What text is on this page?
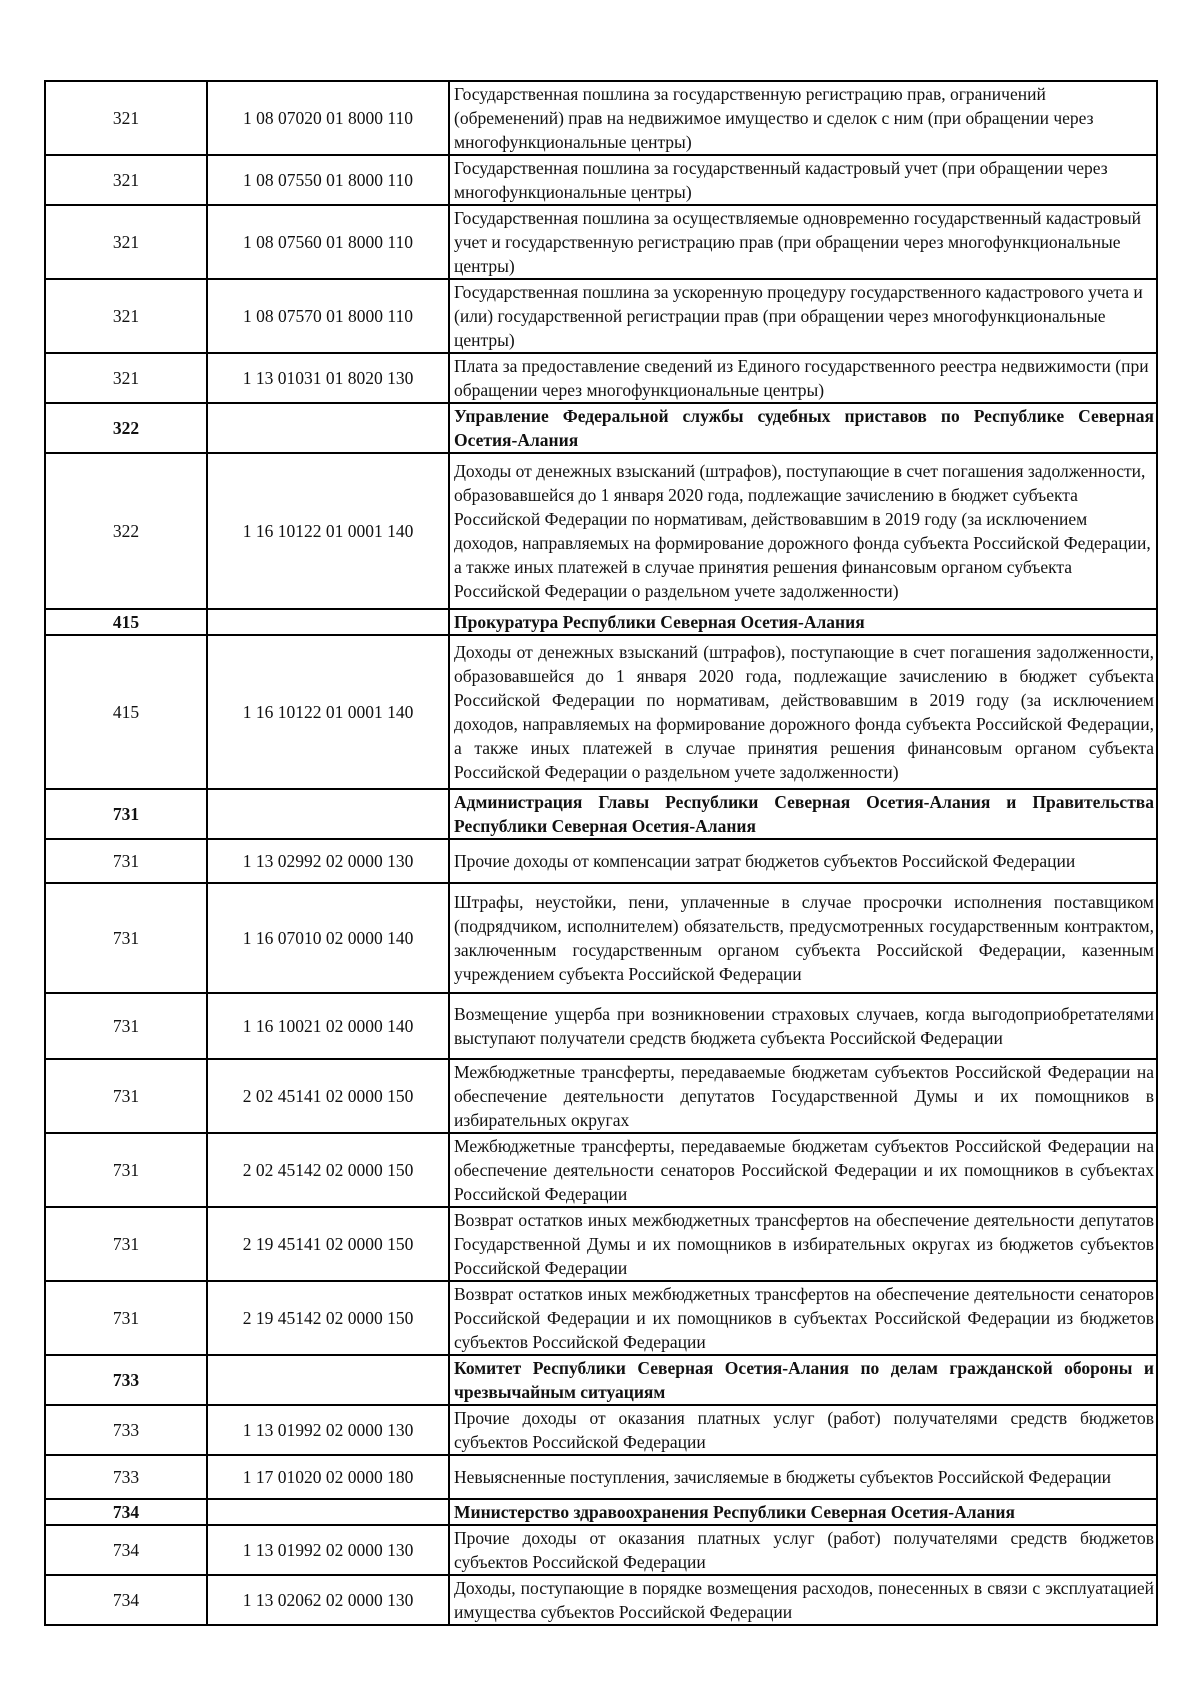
321	1 08 07020 01 8000 110	Государственная пошлина за государственную регистрацию прав, ограничений (обременений) прав на недвижимое имущество и сделок с ним (при обращении через многофункциональные центры)
321	1 08 07550 01 8000 110	Государственная пошлина за государственный кадастровый учет (при обращении через многофункциональные центры)
321	1 08 07560 01 8000 110	Государственная пошлина за осуществляемые одновременно государственный кадастровый учет и государственную регистрацию прав (при обращении через многофункциональные центры)
321	1 08 07570 01 8000 110	Государственная пошлина за ускоренную процедуру государственного кадастрового учета и (или) государственной регистрации прав (при обращении через многофункциональные центры)
321	1 13 01031 01 8020 130	Плата за предоставление сведений из Единого государственного реестра недвижимости (при обращении через многофункциональные центры)
322		Управление Федеральной службы судебных приставов по Республике Северная Осетия-Алания
322	1 16 10122 01 0001 140	Доходы от денежных взысканий (штрафов), поступающие в счет погашения задолженности, образовавшейся до 1 января 2020 года, подлежащие зачислению в бюджет субъекта Российской Федерации по нормативам, действовавшим в 2019 году (за исключением доходов, направляемых на формирование дорожного фонда субъекта Российской Федерации, а также иных платежей в случае принятия решения финансовым органом субъекта Российской Федерации о раздельном учете задолженности)
415		Прокуратура Республики Северная Осетия-Алания
415	1 16 10122 01 0001 140	Доходы от денежных взысканий (штрафов), поступающие в счет погашения задолженности, образовавшейся до 1 января 2020 года, подлежащие зачислению в бюджет субъекта Российской Федерации по нормативам, действовавшим в 2019 году (за исключением доходов, направляемых на формирование дорожного фонда субъекта Российской Федерации, а также иных платежей в случае принятия решения финансовым органом субъекта Российской Федерации о раздельном учете задолженности)
731		Администрация Главы Республики Северная Осетия-Алания и Правительства Республики Северная Осетия-Алания
731	1 13 02992 02 0000 130	Прочие доходы от компенсации затрат бюджетов субъектов Российской Федерации
731	1 16 07010 02 0000 140	Штрафы, неустойки, пени, уплаченные в случае просрочки исполнения поставщиком (подрядчиком, исполнителем) обязательств, предусмотренных государственным контрактом, заключенным государственным органом субъекта Российской Федерации, казенным учреждением субъекта Российской Федерации
731	1 16 10021 02 0000 140	Возмещение ущерба при возникновении страховых случаев, когда выгодоприобретателями выступают получатели средств бюджета субъекта Российской Федерации
731	2 02 45141 02 0000 150	Межбюджетные трансферты, передаваемые бюджетам субъектов Российской Федерации на обеспечение деятельности депутатов Государственной Думы и их помощников в избирательных округах
731	2 02 45142 02 0000 150	Межбюджетные трансферты, передаваемые бюджетам субъектов Российской Федерации на обеспечение деятельности сенаторов Российской Федерации и их помощников в субъектах Российской Федерации
731	2 19 45141 02 0000 150	Возврат остатков иных межбюджетных трансфертов на обеспечение деятельности депутатов Государственной Думы и их помощников в избирательных округах из бюджетов субъектов Российской Федерации
731	2 19 45142 02 0000 150	Возврат остатков иных межбюджетных трансфертов на обеспечение деятельности сенаторов Российской Федерации и их помощников в субъектах Российской Федерации из бюджетов субъектов Российской Федерации
733		Комитет Республики Северная Осетия-Алания по делам гражданской обороны и чрезвычайным ситуациям
733	1 13 01992 02 0000 130	Прочие доходы от оказания платных услуг (работ) получателями средств бюджетов субъектов Российской Федерации
733	1 17 01020 02 0000 180	Невыясненные поступления, зачисляемые в бюджеты субъектов Российской Федерации
734		Министерство здравоохранения Республики Северная Осетия-Алания
734	1 13 01992 02 0000 130	Прочие доходы от оказания платных услуг (работ) получателями средств бюджетов субъектов Российской Федерации
734	1 13 02062 02 0000 130	Доходы, поступающие в порядке возмещения расходов, понесенных в связи с эксплуатацией имущества субъектов Российской Федерации
